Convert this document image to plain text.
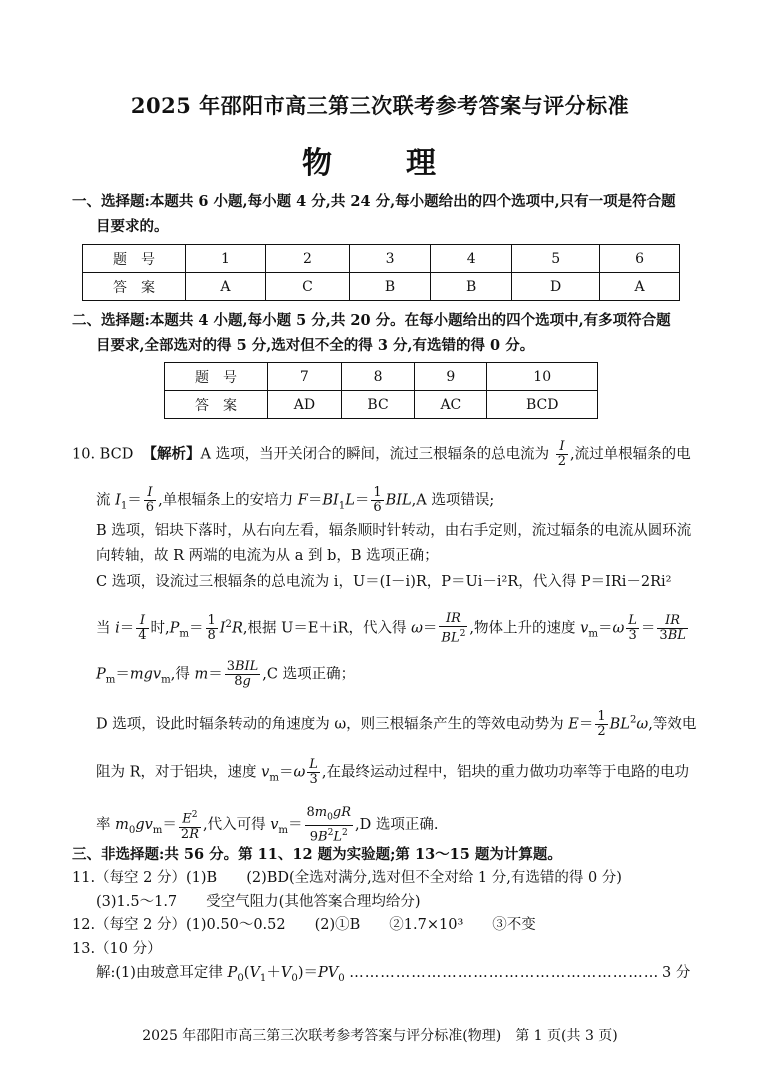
2025 年邵阳市高三第三次联考参考答案与评分标准
物　理
一、选择题:本题共 6 小题,每小题 4 分,共 24 分,每小题给出的四个选项中,只有一项是符合题
目要求的。
题　号	1	2	3	4	5	6
答　案	A	C	B	B	D	A
二、选择题:本题共 4 小题,每小题 5 分,共 20 分。在每小题给出的四个选项中,有多项符合题
目要求,全部选对的得 5 分,选对但不全的得 3 分,有选错的得 0 分。
题　号	7	8	9	10
答　案	AD	BC	AC	BCD
10. BCD 【解析】A 选项，当开关闭合的瞬间，流过三根辐条的总电流为 $\frac{I}{2}$ ,流过单根辐条的电
流 $I_1= \frac{I}{6}$ ,单根辐条上的安培力 $F=BI_1L= \frac{1}{6} BIL,A$ 选项错误;
B 选项，铝块下落时，从右向左看，辐条顺时针转动，由右手定则，流过辐条的电流从圆环流
向转轴，故 R 两端的电流为从 a 到 b，B 选项正确；
C 选项，设流过三根辐条的总电流为 i，U＝(I－i)R，P＝Ui－i²R，代入得 P＝IRi－2Ri²
当 $i= \frac{I}{4}$ 时$,P_m= \frac{1}{8} I^2R$,根据 U＝E＋iR，代入得 $\omega= \frac{IR}{BL^2}$ ,物体上升的速度 $v_m=\omega \frac{L}{3} = \frac{IR}{3BL}$
$P_m=mgv_m$,得 $m= \frac{\text{3BIL}}{8g} ,C$ 选项正确；
D 选项，设此时辐条转动的角速度为 ω，则三根辐条产生的等效电动势为 $E= \frac{1}{2} BL^2\omega$,等效电
阻为 R，对于铝块，速度 $v_m=\omega \frac{L}{3}$ ,在最终运动过程中，铝块的重力做功功率等于电路的电功
率 $m_0gv_m= \frac{E^2}{2R}$ ,代入可得 $v_m= \frac{8m_0gR}{9B^2L^2} ,D$ 选项正确.
三、非选择题:共 56 分。第 11、12 题为实验题;第 13～15 题为计算题。
11.（每空 2 分）(1)B　　(2)BD(全选对满分,选对但不全对给 1 分,有选错的得 0 分)
(3)1.5～1.7　　受空气阻力(其他答案合理均给分)
12.（每空 2 分）(1)0.50～0.52　　(2)①B　　②1.7×10³　　③不变
13.（10 分）
解:(1)由玻意耳定律 $P_0(V_1+V_0)=PV_0$ …………………………………………………… 3 分
2025 年邵阳市高三第三次联考参考答案与评分标准(物理)　第 1 页(共 3 页)
